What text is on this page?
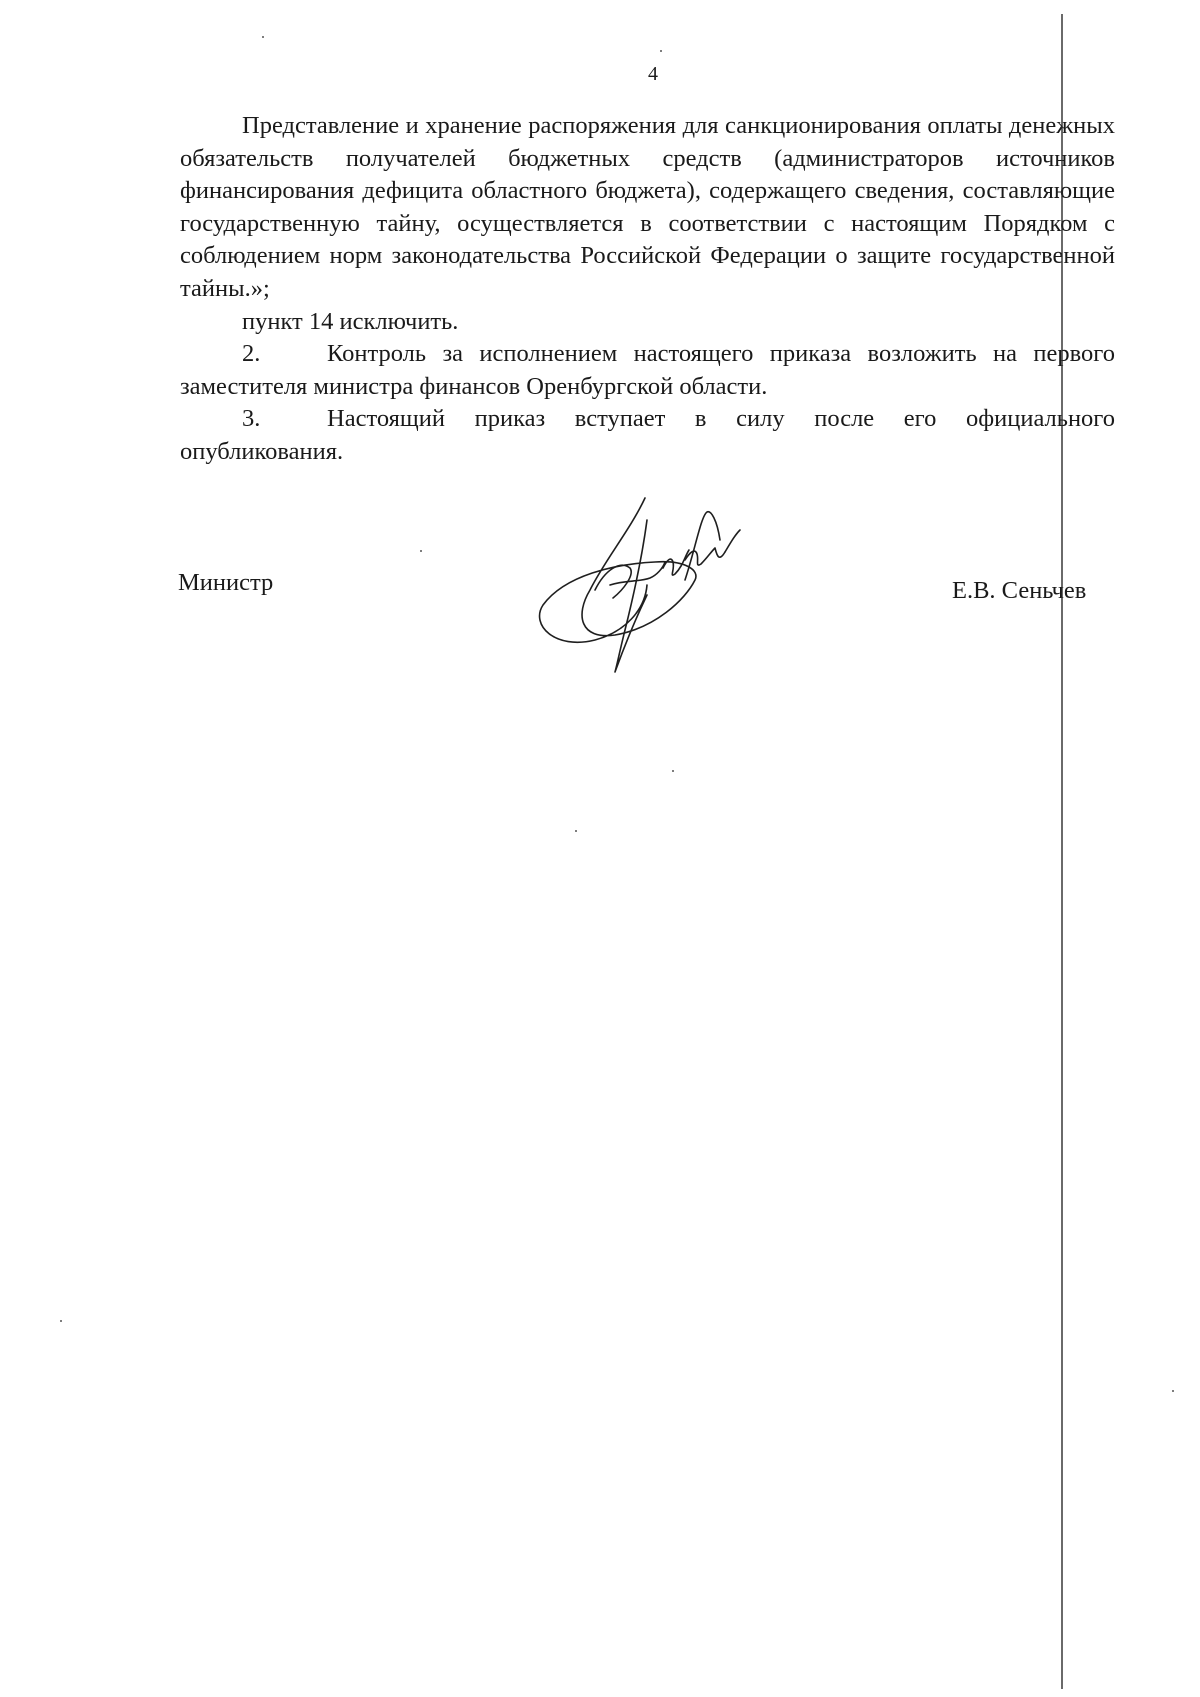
4

Представление и хранение распоряжения для санкционирования оплаты денежных обязательств получателей бюджетных средств (администраторов источников финансирования дефицита областного бюджета), содержащего сведения, составляющие государственную тайну, осуществляется в соответствии с настоящим Порядком с соблюдением норм законодательства Российской Федерации о защите государственной тайны.»;

пункт 14 исключить.

2.	Контроль за исполнением настоящего приказа возложить на первого заместителя министра финансов Оренбургской области.

3.	Настоящий приказ вступает в силу после его официального опубликования.

Министр	Е.В. Сеньчев
